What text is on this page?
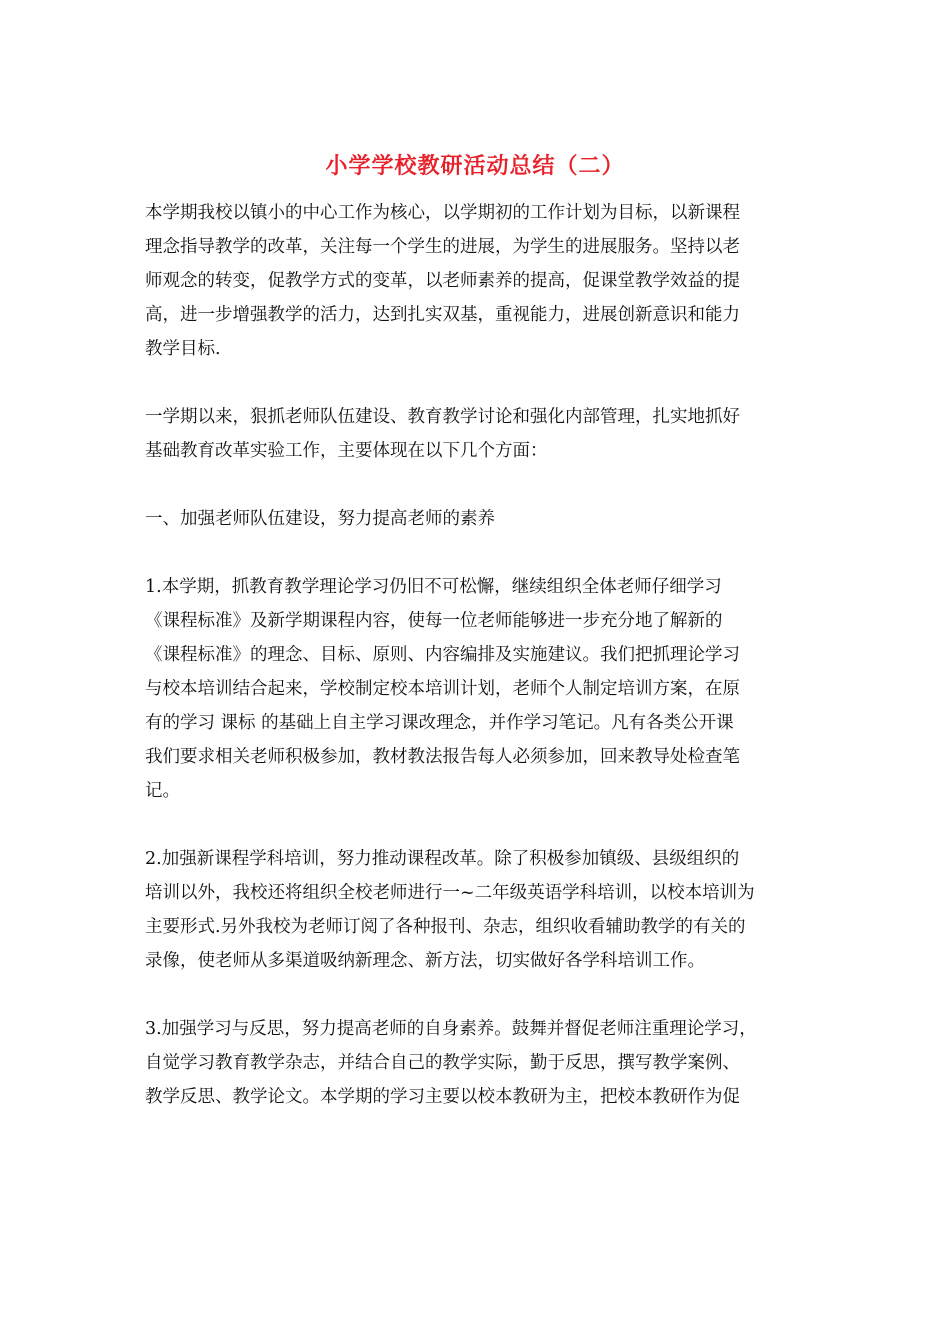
小学学校教研活动总结（二）
本学期我校以镇小的中心工作为核心，以学期初的工作计划为目标，以新课程
理念指导教学的改革，关注每一个学生的进展，为学生的进展服务。坚持以老
师观念的转变，促教学方式的变革，以老师素养的提高，促课堂教学效益的提
高，进一步增强教学的活力，达到扎实双基，重视能力，进展创新意识和能力
教学目标.
一学期以来，狠抓老师队伍建设、教育教学讨论和强化内部管理，扎实地抓好
基础教育改革实验工作，主要体现在以下几个方面：
一、加强老师队伍建设，努力提高老师的素养
1.本学期，抓教育教学理论学习仍旧不可松懈，继续组织全体老师仔细学习
《课程标准》及新学期课程内容，使每一位老师能够进一步充分地了解新的
《课程标准》的理念、目标、原则、内容编排及实施建议。我们把抓理论学习
与校本培训结合起来，学校制定校本培训计划，老师个人制定培训方案，在原
有的学习 课标 的基础上自主学习课改理念，并作学习笔记。凡有各类公开课
我们要求相关老师积极参加，教材教法报告每人必须参加，回来教导处检查笔
记。
2.加强新课程学科培训，努力推动课程改革。除了积极参加镇级、县级组织的
培训以外，我校还将组织全校老师进行一~二年级英语学科培训，以校本培训为
主要形式.另外我校为老师订阅了各种报刊、杂志，组织收看辅助教学的有关的
录像，使老师从多渠道吸纳新理念、新方法，切实做好各学科培训工作。
3.加强学习与反思，努力提高老师的自身素养。鼓舞并督促老师注重理论学习，
自觉学习教育教学杂志，并结合自己的教学实际，勤于反思，撰写教学案例、
教学反思、教学论文。本学期的学习主要以校本教研为主，把校本教研作为促
